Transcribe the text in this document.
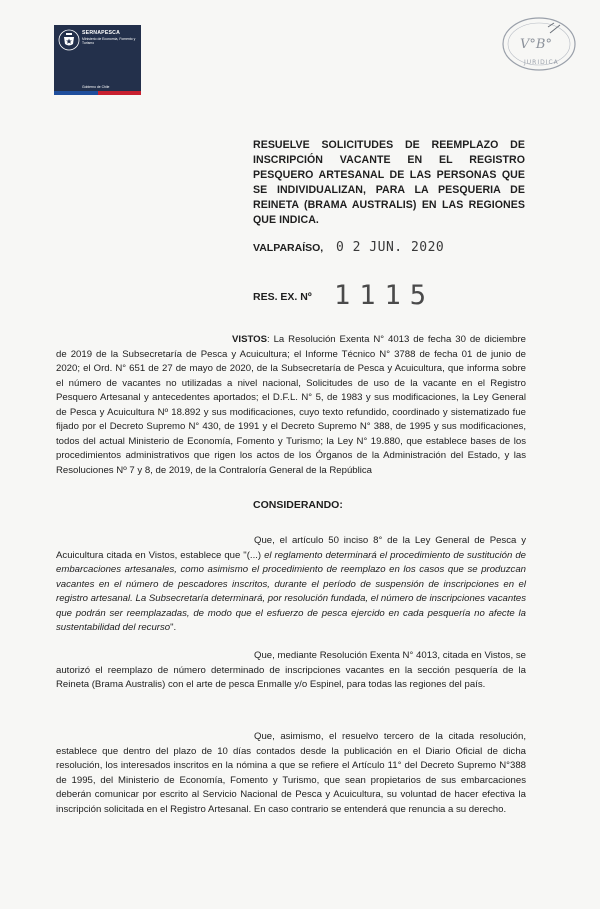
SERNAPESCA
Ministerio de Economía, Fomento y Turismo
Gobierno de Chile
V°B°
JURIDICA
RESUELVE SOLICITUDES DE REEMPLAZO DE INSCRIPCIÓN VACANTE EN EL REGISTRO PESQUERO ARTESANAL DE LAS PERSONAS QUE SE INDIVIDUALIZAN, PARA LA PESQUERIA DE REINETA (BRAMA AUSTRALIS) EN LAS REGIONES QUE INDICA.
VALPARAÍSO, 0 2 JUN. 2020
RES. EX. Nº 1115

VISTOS: La Resolución Exenta N° 4013 de fecha 30 de diciembre de 2019 de la Subsecretaría de Pesca y Acuicultura; el Informe Técnico N° 3788 de fecha 01 de junio de 2020; el Ord. N° 651 de 27 de mayo de 2020, de la Subsecretaría de Pesca y Acuicultura, que informa sobre el número de vacantes no utilizadas a nivel nacional, Solicitudes de uso de la vacante en el Registro Pesquero Artesanal y antecedentes aportados; el D.F.L. N° 5, de 1983 y sus modificaciones, la Ley General de Pesca y Acuicultura Nº 18.892 y sus modificaciones, cuyo texto refundido, coordinado y sistematizado fue fijado por el Decreto Supremo N° 430, de 1991 y el Decreto Supremo N° 388, de 1995 y sus modificaciones, todos del actual Ministerio de Economía, Fomento y Turismo; la Ley N° 19.880, que establece bases de los procedimientos administrativos que rigen los actos de los Órganos de la Administración del Estado, y las Resoluciones Nº 7 y 8, de 2019, de la Contraloría General de la República

CONSIDERANDO:

Que, el artículo 50 inciso 8° de la Ley General de Pesca y Acuicultura citada en Vistos, establece que "(...) el reglamento determinará el procedimiento de sustitución de embarcaciones artesanales, como asimismo el procedimiento de reemplazo en los casos que se produzcan vacantes en el número de pescadores inscritos, durante el período de suspensión de inscripciones en el registro artesanal. La Subsecretaría determinará, por resolución fundada, el número de inscripciones vacantes que podrán ser reemplazadas, de modo que el esfuerzo de pesca ejercido en cada pesquería no afecte la sustentabilidad del recurso".

Que, mediante Resolución Exenta N° 4013, citada en Vistos, se autorizó el reemplazo de número determinado de inscripciones vacantes en la sección pesquería de la Reineta (Brama Australis) con el arte de pesca Enmalle y/o Espinel, para todas las regiones del país.

Que, asimismo, el resuelvo tercero de la citada resolución, establece que dentro del plazo de 10 días contados desde la publicación en el Diario Oficial de dicha resolución, los interesados inscritos en la nómina a que se refiere el Artículo 11° del Decreto Supremo N°388 de 1995, del Ministerio de Economía, Fomento y Turismo, que sean propietarios de sus embarcaciones deberán comunicar por escrito al Servicio Nacional de Pesca y Acuicultura, su voluntad de hacer efectiva la inscripción solicitada en el Registro Artesanal. En caso contrario se entenderá que renuncia a su derecho.
